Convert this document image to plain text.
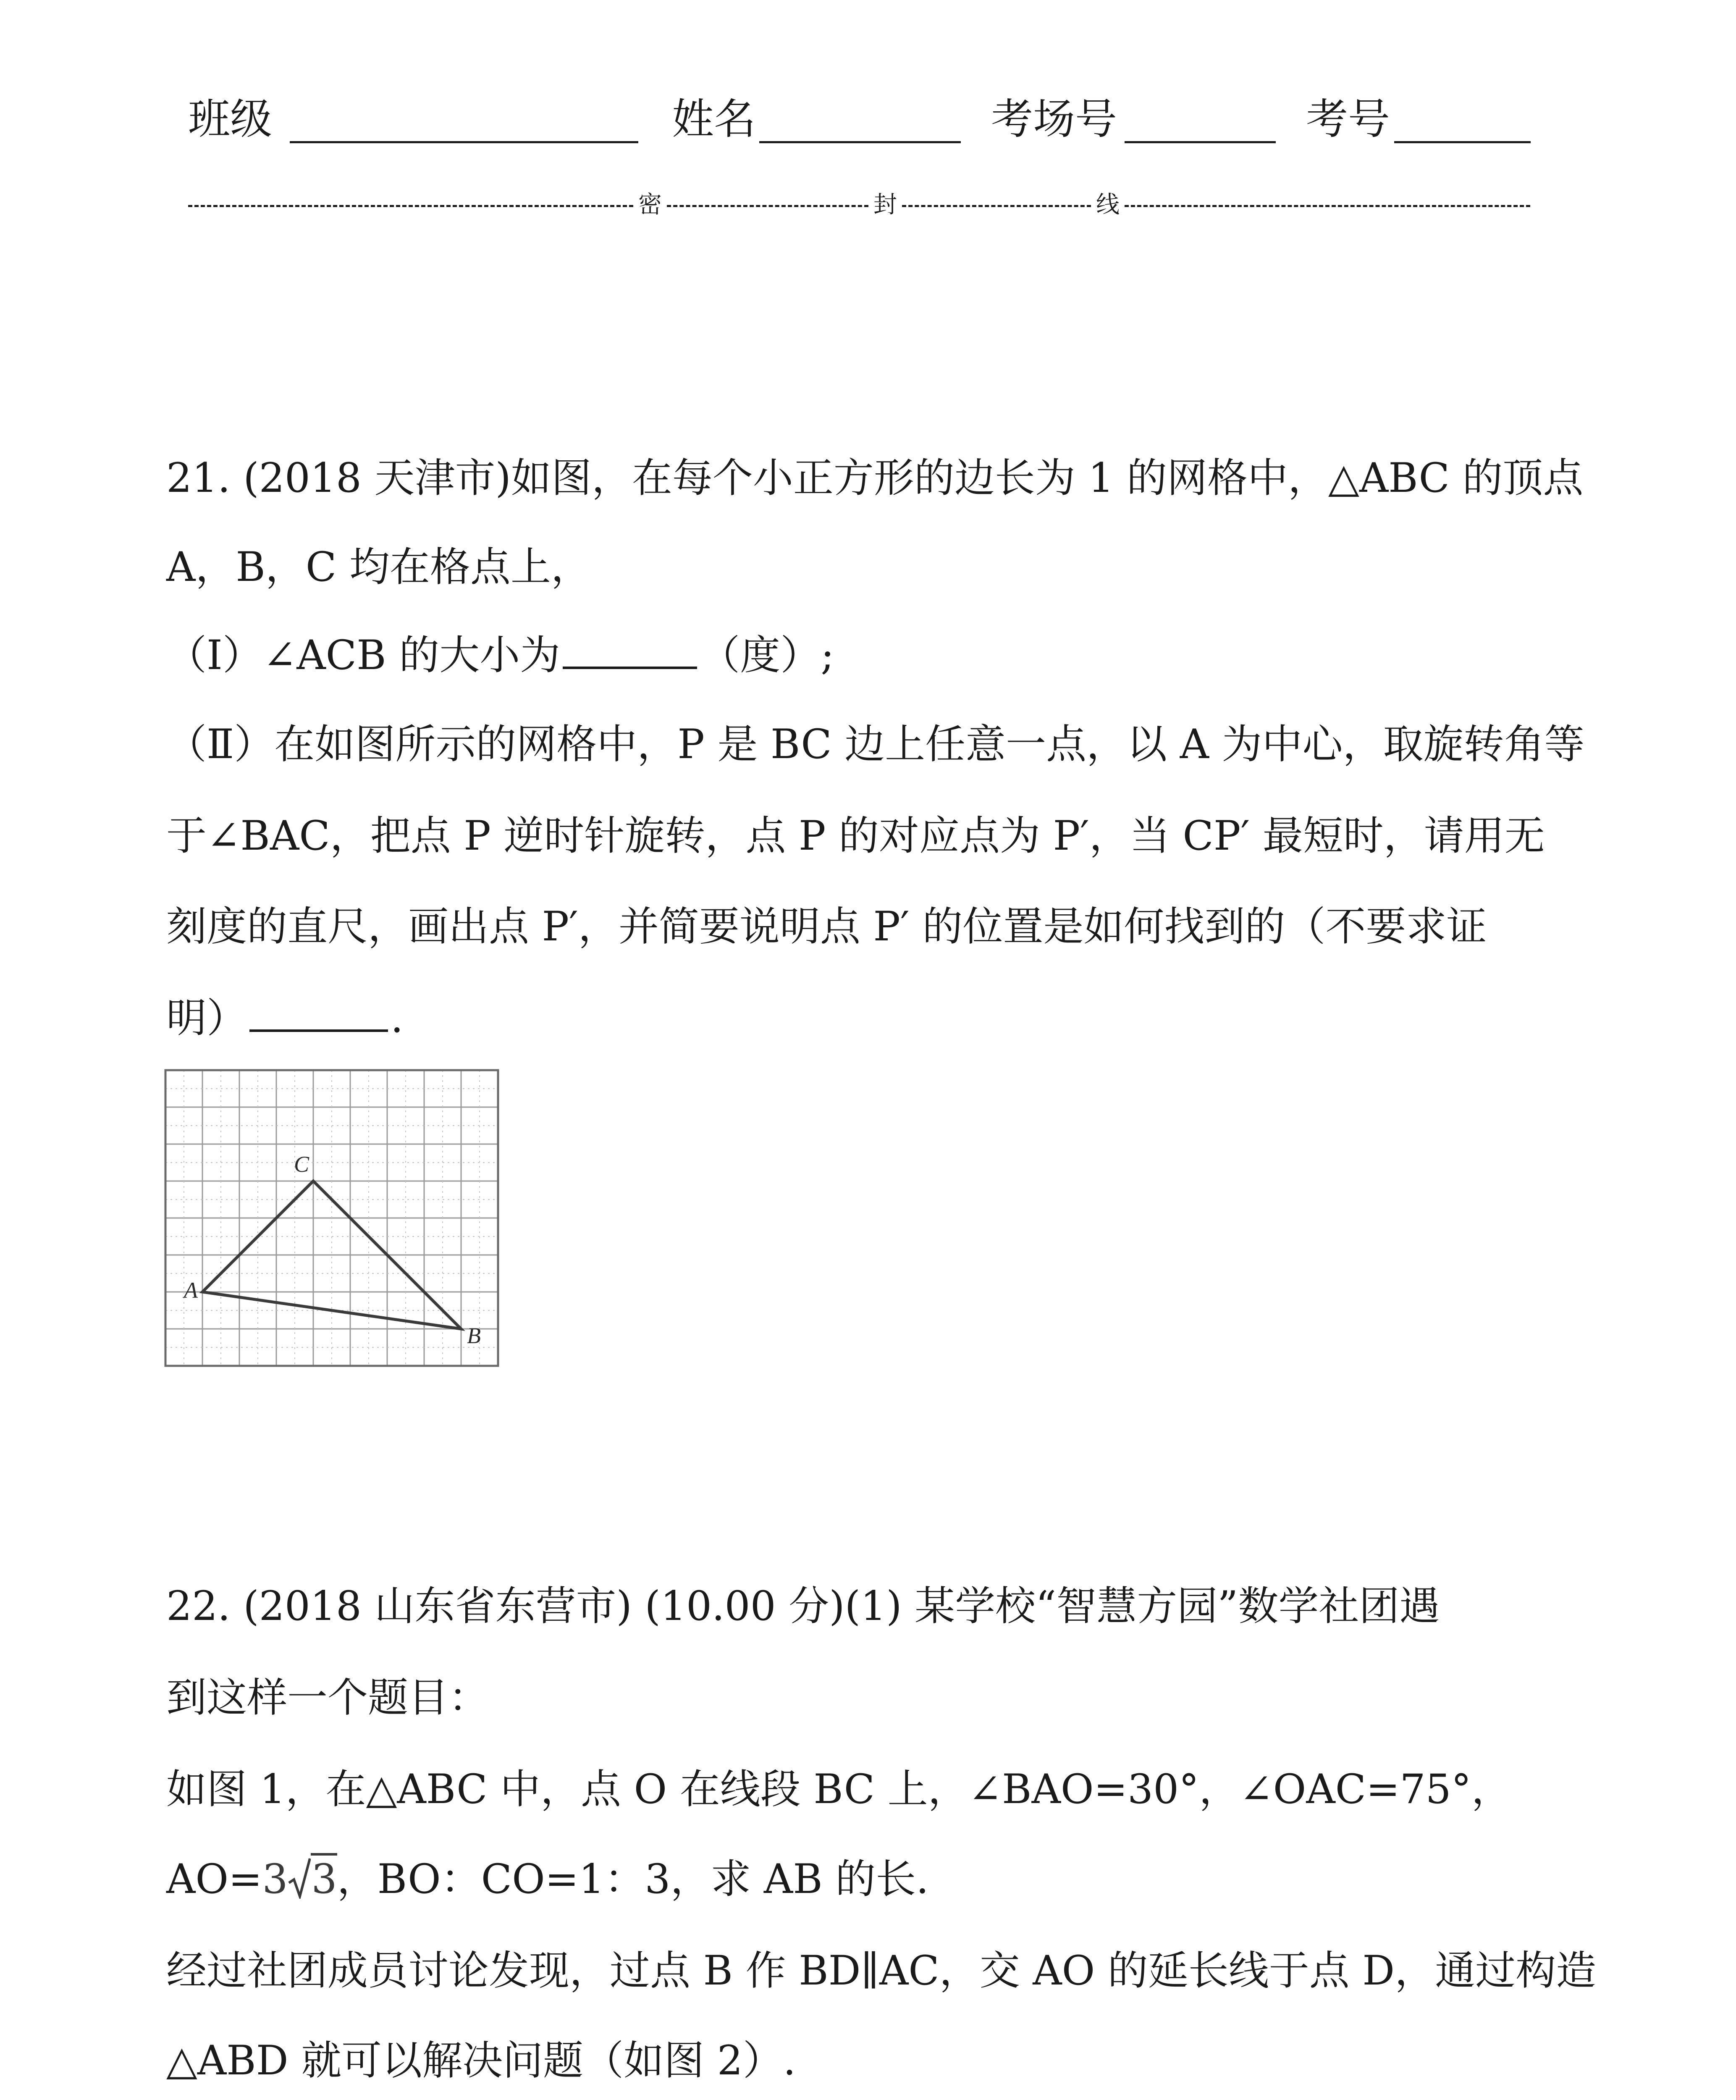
班级	姓名	考场号	考号
密	封	线
21. (2018 天津市)如图，在每个小正方形的边长为 1 的网格中，△ABC 的顶点
A，B，C 均在格点上，
（I）∠ACB 的大小为	（度）;
（Ⅱ）在如图所示的网格中，P 是 BC 边上任意一点，以 A 为中心，取旋转角等
于∠BAC，把点 P 逆时针旋转，点 P 的对应点为 P′，当 CP′ 最短时，请用无
刻度的直尺，画出点 P′，并简要说明点 P′ 的位置是如何找到的（不要求证
明）	.
A
B
C
22. (2018 山东省东营市) (10.00 分)(1) 某学校“智慧方园”数学社团遇
到这样一个题目：
如图 1，在△ABC 中，点 O 在线段 BC 上，∠BAO=30°，∠OAC=75°，
AO=3 3，BO：CO=1：3，求 AB 的长.
经过社团成员讨论发现，过点 B 作 BD∥AC，交 AO 的延长线于点 D，通过构造
△ABD 就可以解决问题（如图 2）.
